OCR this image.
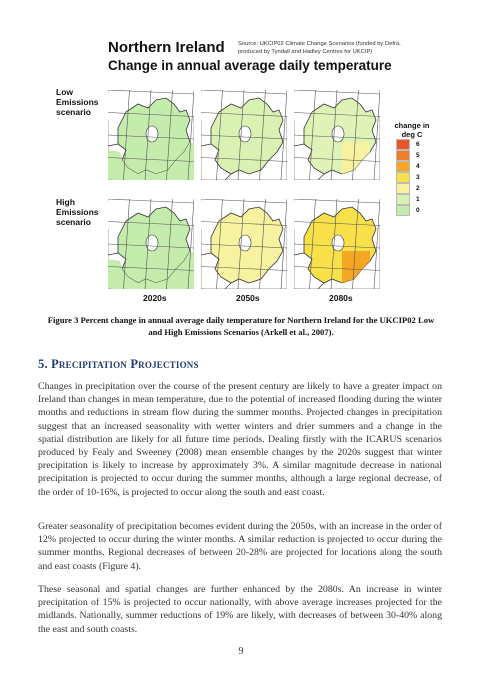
Northern Ireland Source: UKCIP02 Climate Change Scenarios (funded by Defra, produced by Tyndall and Hadley Centres for UKCIP)
Change in annual average daily temperature
Low Emissions scenario
High Emissions scenario
2020s	2050s	2080s
change in deg C
6
5
4
3
2
1
0
Figure 3 Percent change in annual average daily temperature for Northern Ireland for the UKCIP02 Low and High Emissions Scenarios (Arkell et al., 2007).
5. Precipitation Projections
Changes in precipitation over the course of the present century are likely to have a greater impact on Ireland than changes in mean temperature, due to the potential of increased flooding during the winter months and reductions in stream flow during the summer months. Projected changes in precipitation suggest that an increased seasonality with wetter winters and drier summers and a change in the spatial distribution are likely for all future time periods. Dealing firstly with the ICARUS scenarios produced by Fealy and Sweeney (2008) mean ensemble changes by the 2020s suggest that winter precipitation is likely to increase by approximately 3%. A similar magnitude decrease in national precipitation is projected to occur during the summer months, although a large regional decrease, of the order of 10-16%, is projected to occur along the south and east coast.
Greater seasonality of precipitation becomes evident during the 2050s, with an increase in the order of 12% projected to occur during the winter months. A similar reduction is projected to occur during the summer months. Regional decreases of between 20-28% are projected for locations along the south and east coasts (Figure 4).
These seasonal and spatial changes are further enhanced by the 2080s. An increase in winter precipitation of 15% is projected to occur nationally, with above average increases projected for the midlands. Nationally, summer reductions of 19% are likely, with decreases of between 30-40% along the east and south coasts.
9
